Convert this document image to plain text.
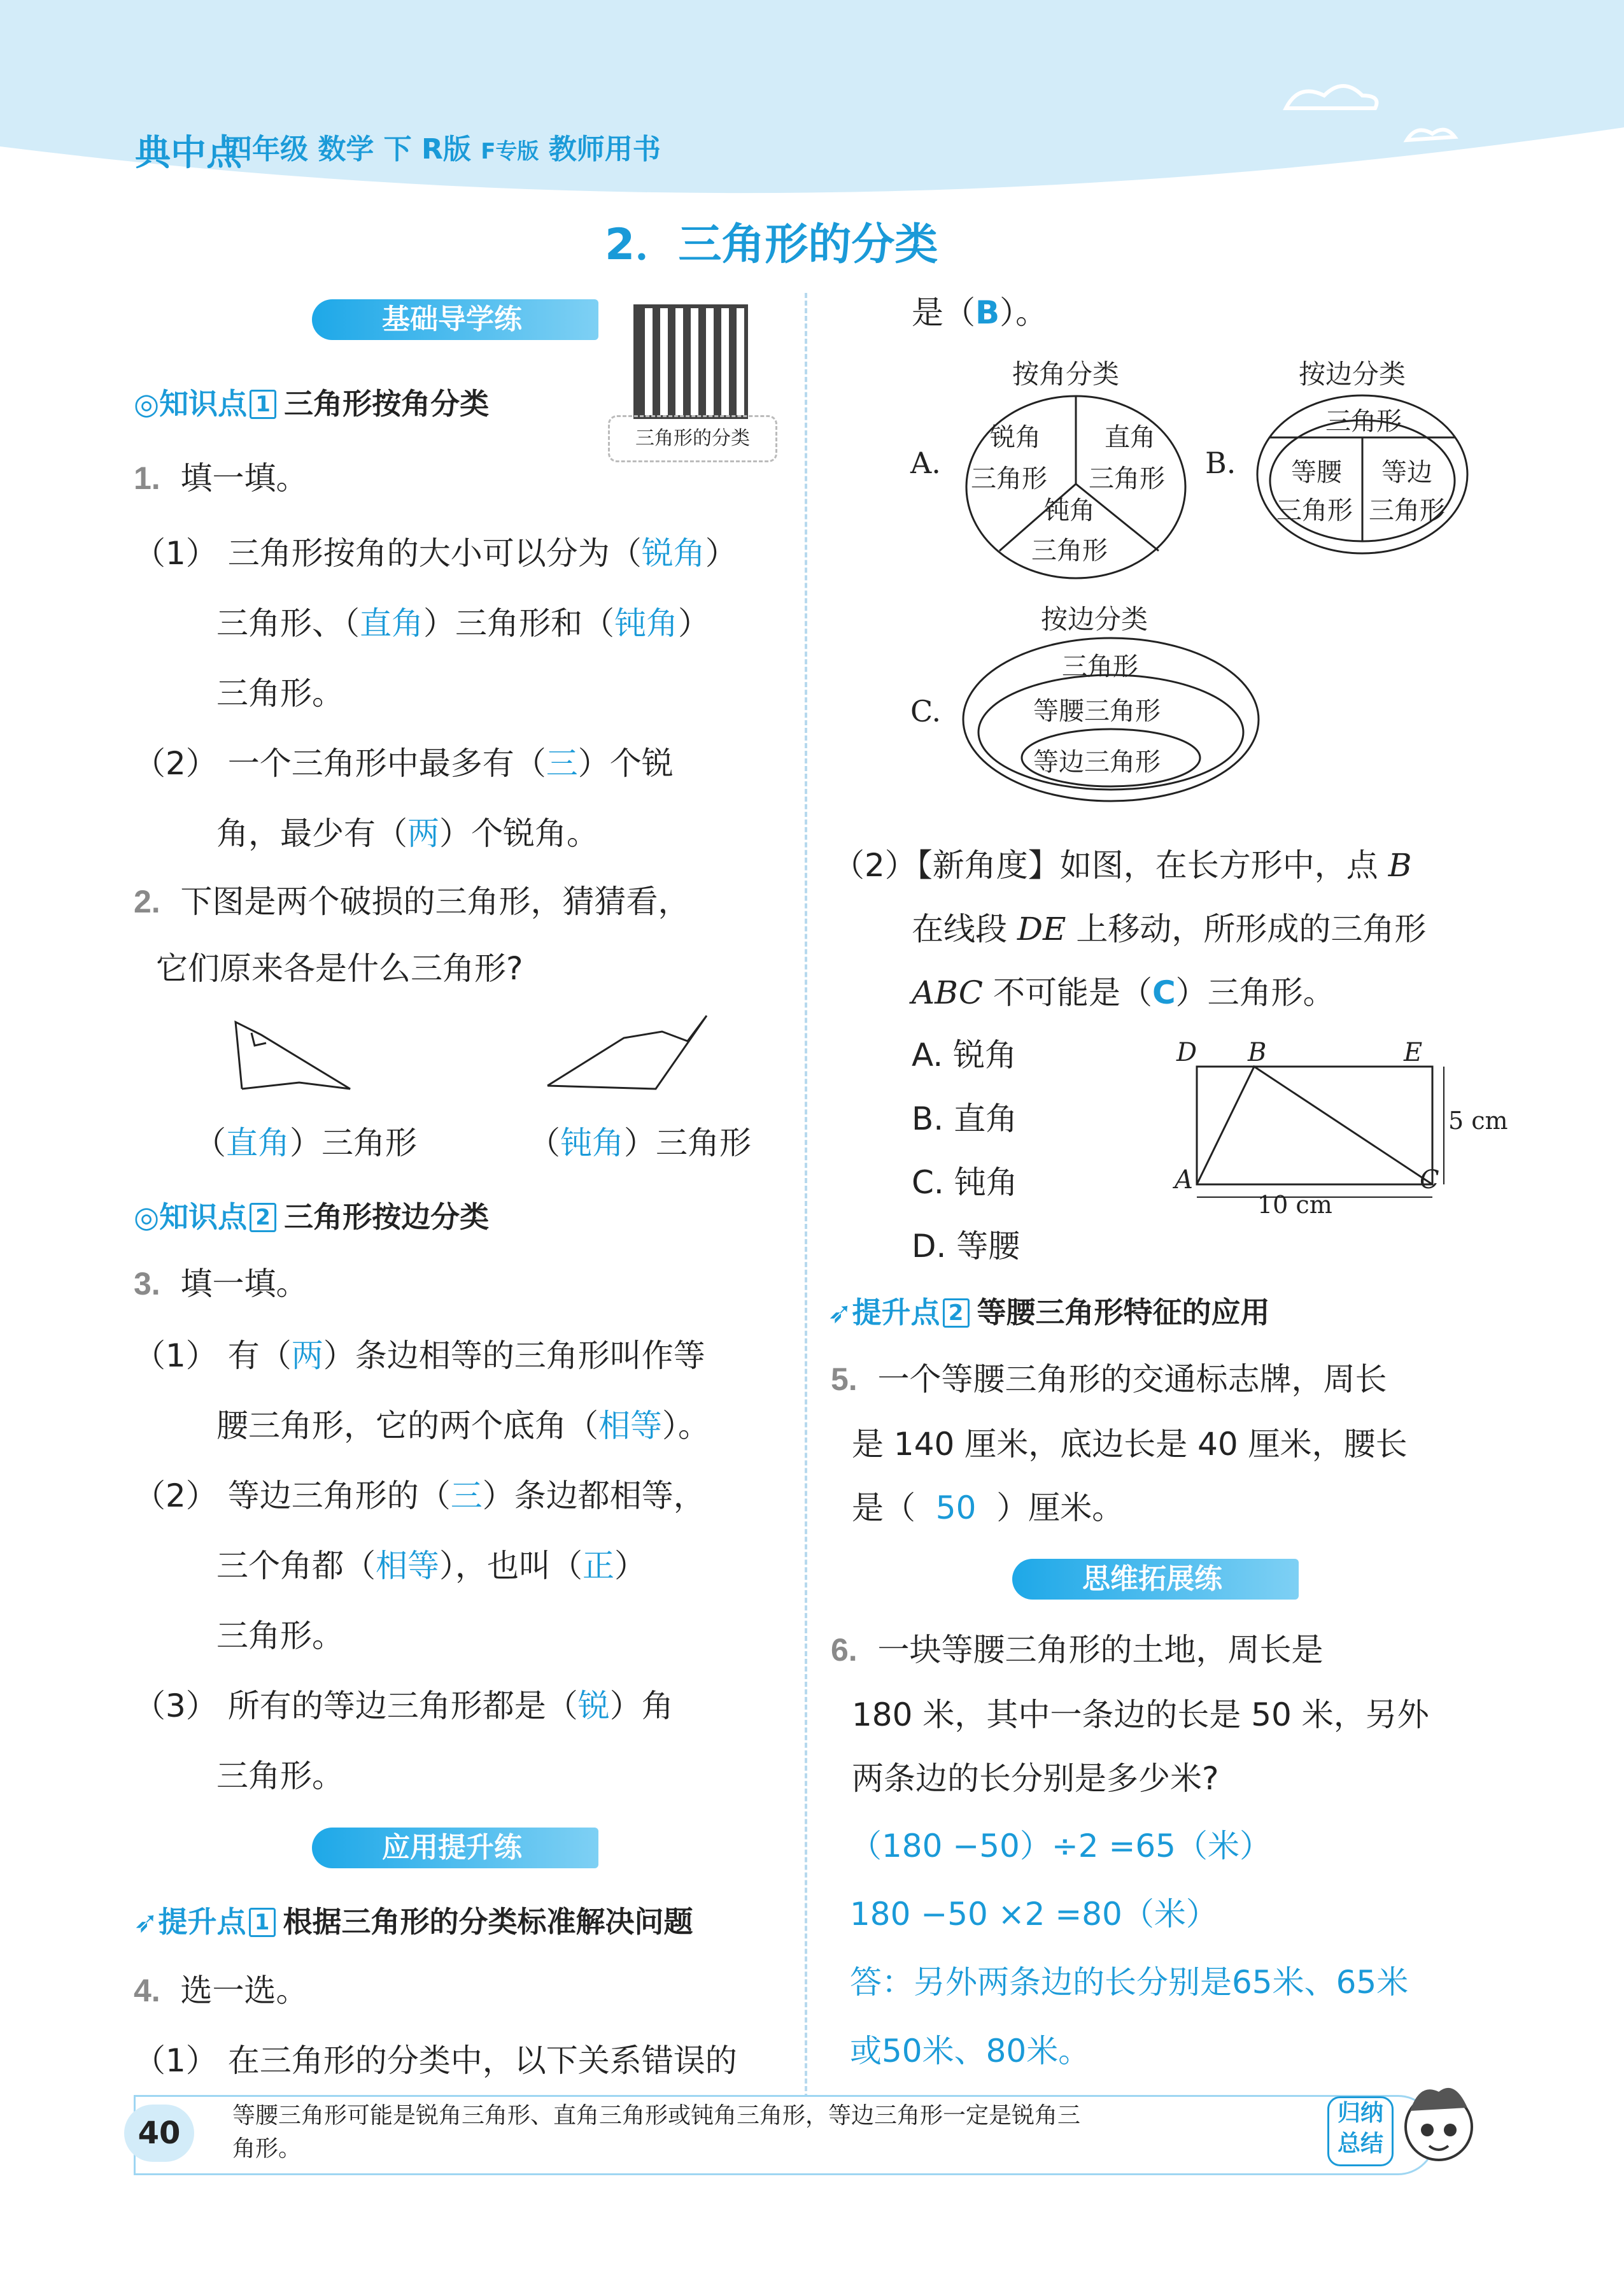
典中点
四年级 数学 下 R版 F专版 教师用书
2．三角形的分类
基础导学练
三角形的分类
◎知识点 1 三角形按角分类
1. 填一填。
（1） 三角形按角的大小可以分为（锐角）
三角形、（直角）三角形和（钝角）
三角形。
（2） 一个三角形中最多有（三）个锐
角，最少有（两）个锐角。
2. 下图是两个破损的三角形，猜猜看，
它们原来各是什么三角形?
（直角）三角形	（钝角）三角形
◎知识点 2 三角形按边分类
3. 填一填。
（1） 有（两）条边相等的三角形叫作等
腰三角形，它的两个底角（相等）。
（2） 等边三角形的（三）条边都相等，
三个角都（相等），也叫（正）
三角形。
（3） 所有的等边三角形都是（锐）角
三角形。
应用提升练
➶提升点 1 根据三角形的分类标准解决问题
4. 选一选。
（1） 在三角形的分类中，以下关系错误的
是（B）。
A.
按角分类
锐角
三角形
直角
三角形
钝角
三角形
B.
按边分类
三角形
等腰
三角形
等边
三角形
C.
按边分类
三角形
等腰三角形
等边三角形
（2）【新角度】如图，在长方形中，点 B
在线段 DE 上移动，所形成的三角形
ABC 不可能是（C）三角形。
A. 锐角
B. 直角
C. 钝角
D. 等腰
D B	E
A	C
5 cm
10 cm
➶提升点 2 等腰三角形特征的应用
5. 一个等腰三角形的交通标志牌，周长
是 140 厘米，底边长是 40 厘米，腰长
是（ 50 ）厘米。
思维拓展练
6. 一块等腰三角形的土地，周长是
180 米，其中一条边的长是 50 米，另外
两条边的长分别是多少米?
（180 −50）÷2 =65（米）
180 −50 ×2 =80（米）
答：另外两条边的长分别是65米、65米
或50米、80米。
40	等腰三角形可能是锐角三角形、直角三角形或钝角三角形，等边三角形一定是锐角三
角形。
归纳
总结
